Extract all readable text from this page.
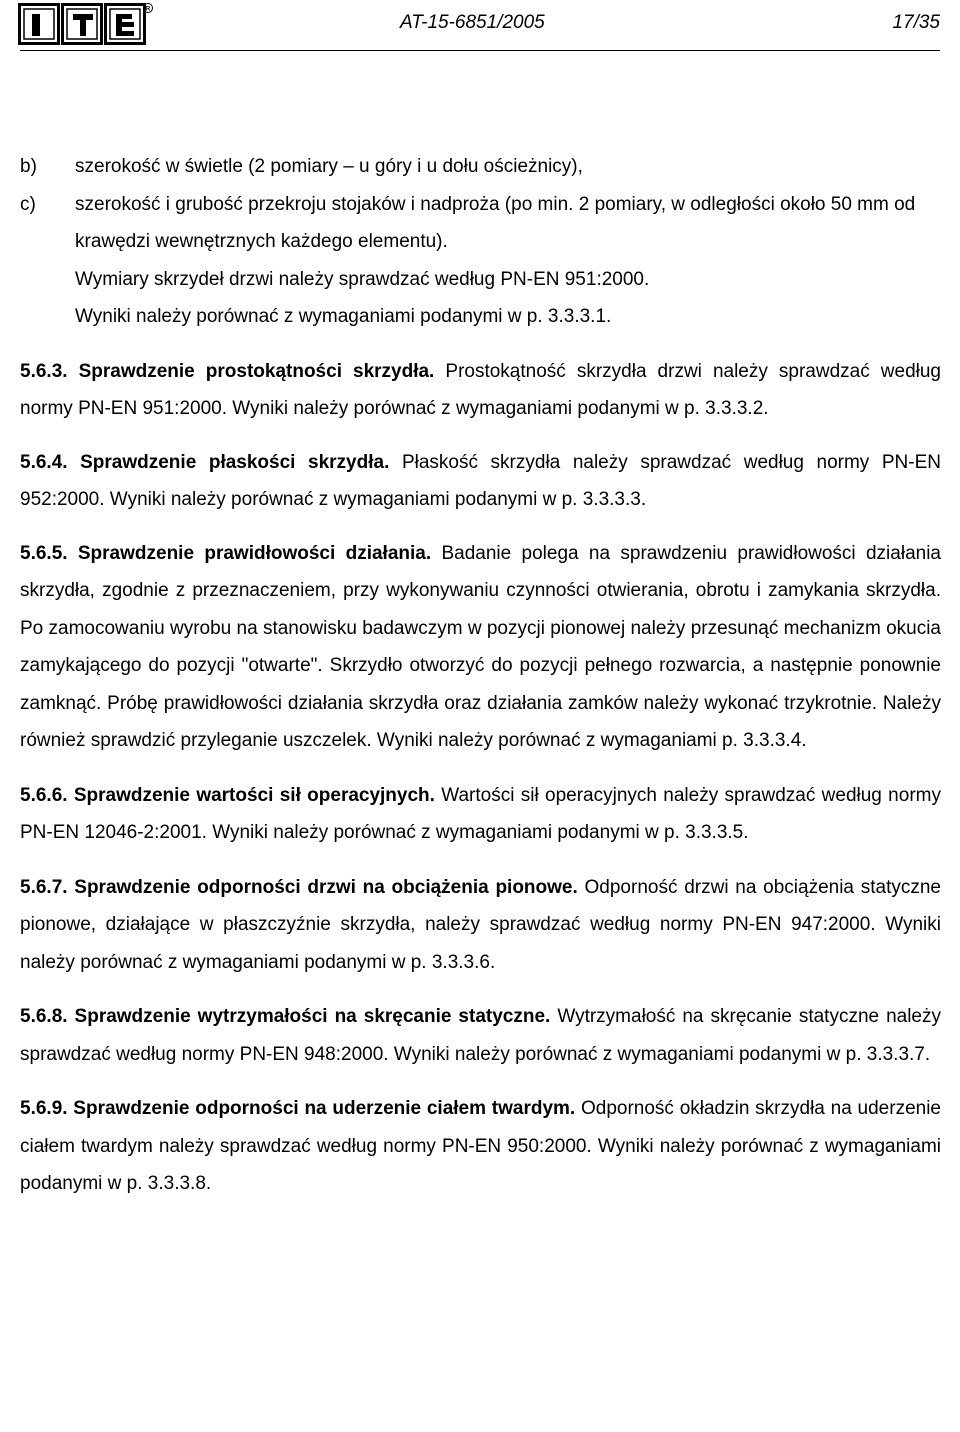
R
AT-15-6851/2005	17/35
b)	szerokość w świetle (2 pomiary – u góry i u dołu ościeżnicy),
c)	szerokość i grubość przekroju stojaków i nadproża (po min. 2 pomiary, w odległości około 50 mm od krawędzi wewnętrznych każdego elementu).
Wymiary skrzydeł drzwi należy sprawdzać według PN-EN 951:2000.
Wyniki należy porównać z wymaganiami podanymi w p. 3.3.3.1.
5.6.3. Sprawdzenie prostokątności skrzydła. Prostokątność skrzydła drzwi należy sprawdzać według normy PN-EN 951:2000. Wyniki należy porównać z wymaganiami podanymi w p. 3.3.3.2.
5.6.4. Sprawdzenie płaskości skrzydła. Płaskość skrzydła należy sprawdzać według normy PN-EN 952:2000. Wyniki należy porównać z wymaganiami podanymi w p. 3.3.3.3.
5.6.5. Sprawdzenie prawidłowości działania. Badanie polega na sprawdzeniu prawidłowości działania skrzydła, zgodnie z przeznaczeniem, przy wykonywaniu czynności otwierania, obrotu i zamykania skrzydła. Po zamocowaniu wyrobu na stanowisku badawczym w pozycji pionowej należy przesunąć mechanizm okucia zamykającego do pozycji "otwarte". Skrzydło otworzyć do pozycji pełnego rozwarcia, a następnie ponownie zamknąć. Próbę prawidłowości działania skrzydła oraz działania zamków należy wykonać trzykrotnie. Należy również sprawdzić przyleganie uszczelek. Wyniki należy porównać z wymaganiami p. 3.3.3.4.
5.6.6. Sprawdzenie wartości sił operacyjnych. Wartości sił operacyjnych należy sprawdzać według normy PN-EN 12046-2:2001. Wyniki należy porównać z wymaganiami podanymi w p. 3.3.3.5.
5.6.7. Sprawdzenie odporności drzwi na obciążenia pionowe. Odporność drzwi na obciążenia statyczne pionowe, działające w płaszczyźnie skrzydła, należy sprawdzać według normy PN-EN 947:2000. Wyniki należy porównać z wymaganiami podanymi w p. 3.3.3.6.
5.6.8. Sprawdzenie wytrzymałości na skręcanie statyczne. Wytrzymałość na skręcanie statyczne należy sprawdzać według normy PN-EN 948:2000. Wyniki należy porównać z wymaganiami podanymi w p. 3.3.3.7.
5.6.9. Sprawdzenie odporności na uderzenie ciałem twardym. Odporność okładzin skrzydła na uderzenie ciałem twardym należy sprawdzać według normy PN-EN 950:2000. Wyniki należy porównać z wymaganiami podanymi w p. 3.3.3.8.
